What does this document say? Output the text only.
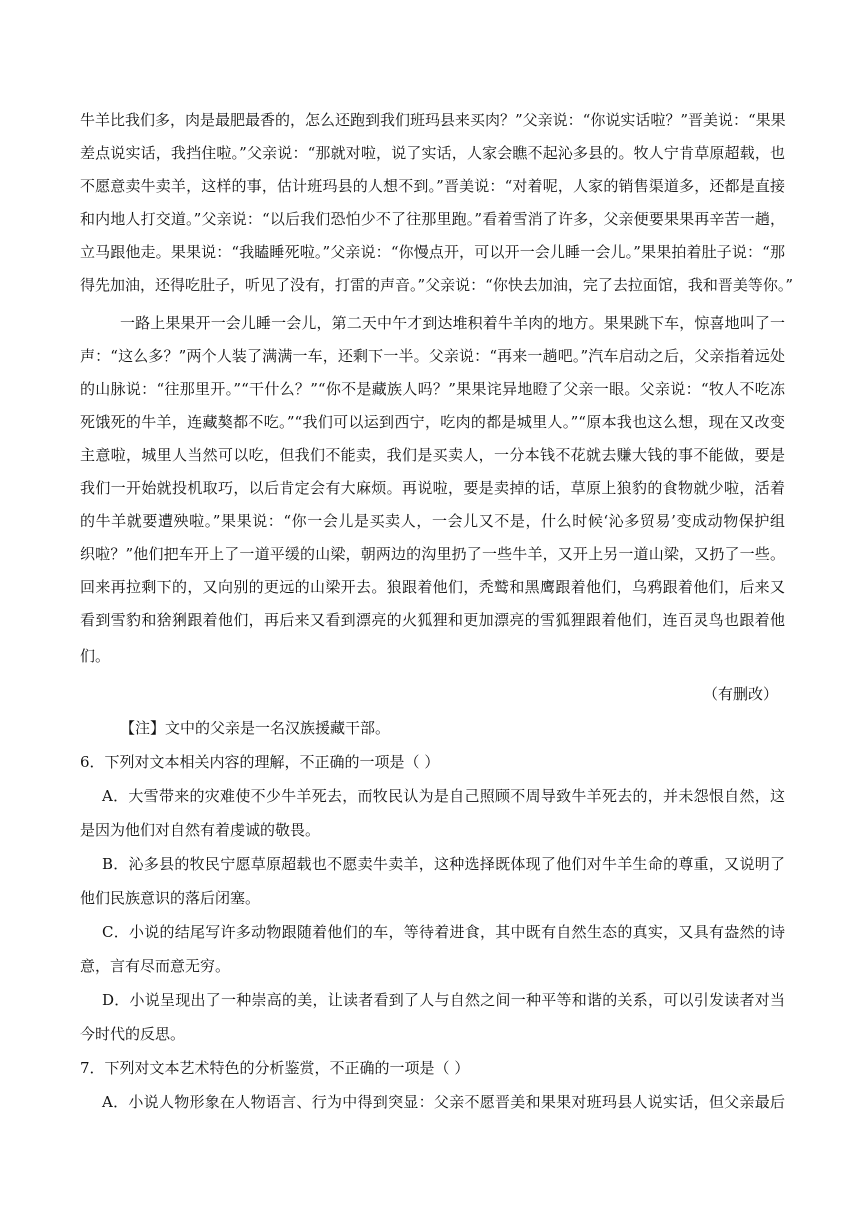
牛羊比我们多，肉是最肥最香的，怎么还跑到我们班玛县来买肉？”父亲说：“你说实话啦？”晋美说：“果果
差点说实话，我挡住啦。”父亲说：“那就对啦，说了实话，人家会瞧不起沁多县的。牧人宁肯草原超载，也
不愿意卖牛卖羊，这样的事，估计班玛县的人想不到。”晋美说：“对着呢，人家的销售渠道多，还都是直接
和内地人打交道。”父亲说：“以后我们恐怕少不了往那里跑。”看着雪消了许多，父亲便要果果再辛苦一趟，
立马跟他走。果果说：“我瞌睡死啦。”父亲说：“你慢点开，可以开一会儿睡一会儿。”果果拍着肚子说：“那
得先加油，还得吃肚子，听见了没有，打雷的声音。”父亲说：“你快去加油，完了去拉面馆，我和晋美等你。”
一路上果果开一会儿睡一会儿，第二天中午才到达堆积着牛羊肉的地方。果果跳下车，惊喜地叫了一
声：“这么多？”两个人装了满满一车，还剩下一半。父亲说：“再来一趟吧。”汽车启动之后，父亲指着远处
的山脉说：“往那里开。”“干什么？”“你不是藏族人吗？”果果诧异地瞪了父亲一眼。父亲说：“牧人不吃冻
死饿死的牛羊，连藏獒都不吃。”“我们可以运到西宁，吃肉的都是城里人。”“原本我也这么想，现在又改变
主意啦，城里人当然可以吃，但我们不能卖，我们是买卖人，一分本钱不花就去赚大钱的事不能做，要是
我们一开始就投机取巧，以后肯定会有大麻烦。再说啦，要是卖掉的话，草原上狼豹的食物就少啦，活着
的牛羊就要遭殃啦。”果果说：“你一会儿是买卖人，一会儿又不是，什么时候‘沁多贸易’变成动物保护组
织啦？”他们把车开上了一道平缓的山梁，朝两边的沟里扔了一些牛羊，又开上另一道山梁，又扔了一些。
回来再拉剩下的，又向别的更远的山梁开去。狼跟着他们，秃鹫和黑鹰跟着他们，乌鸦跟着他们，后来又
看到雪豹和猞猁跟着他们，再后来又看到漂亮的火狐狸和更加漂亮的雪狐狸跟着他们，连百灵鸟也跟着他
们。
（有删改）
【注】文中的父亲是一名汉族援藏干部。
6．下列对文本相关内容的理解，不正确的一项是（ ）
A．大雪带来的灾难使不少牛羊死去，而牧民认为是自己照顾不周导致牛羊死去的，并未怨恨自然，这
是因为他们对自然有着虔诚的敬畏。
B．沁多县的牧民宁愿草原超载也不愿卖牛卖羊，这种选择既体现了他们对牛羊生命的尊重，又说明了
他们民族意识的落后闭塞。
C．小说的结尾写许多动物跟随着他们的车，等待着进食，其中既有自然生态的真实，又具有盎然的诗
意，言有尽而意无穷。
D．小说呈现出了一种崇高的美，让读者看到了人与自然之间一种平等和谐的关系，可以引发读者对当
今时代的反思。
7．下列对文本艺术特色的分析鉴赏，不正确的一项是（ ）
A．小说人物形象在人物语言、行为中得到突显：父亲不愿晋美和果果对班玛县人说实话，但父亲最后
